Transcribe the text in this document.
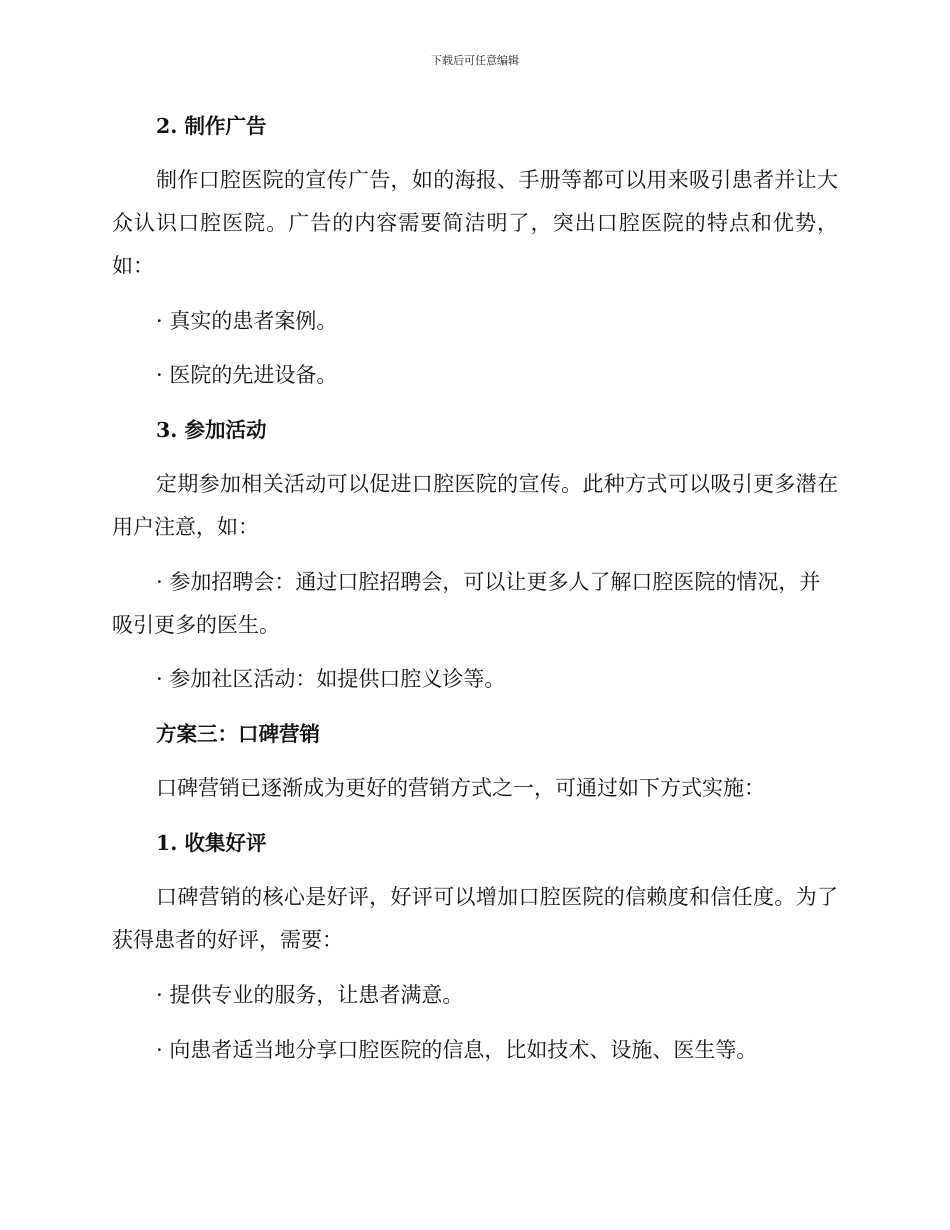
下载后可任意编辑

2. 制作广告

制作口腔医院的宣传广告，如的海报、手册等都可以用来吸引患者并让大众认识口腔医院。广告的内容需要简洁明了，突出口腔医院的特点和优势，如：

· 真实的患者案例。

· 医院的先进设备。

3. 参加活动

定期参加相关活动可以促进口腔医院的宣传。此种方式可以吸引更多潜在用户注意，如：

· 参加招聘会：通过口腔招聘会，可以让更多人了解口腔医院的情况，并吸引更多的医生。

· 参加社区活动：如提供口腔义诊等。

方案三：口碑营销

口碑营销已逐渐成为更好的营销方式之一，可通过如下方式实施：

1. 收集好评

口碑营销的核心是好评，好评可以增加口腔医院的信赖度和信任度。为了获得患者的好评，需要：

· 提供专业的服务，让患者满意。

· 向患者适当地分享口腔医院的信息，比如技术、设施、医生等。
